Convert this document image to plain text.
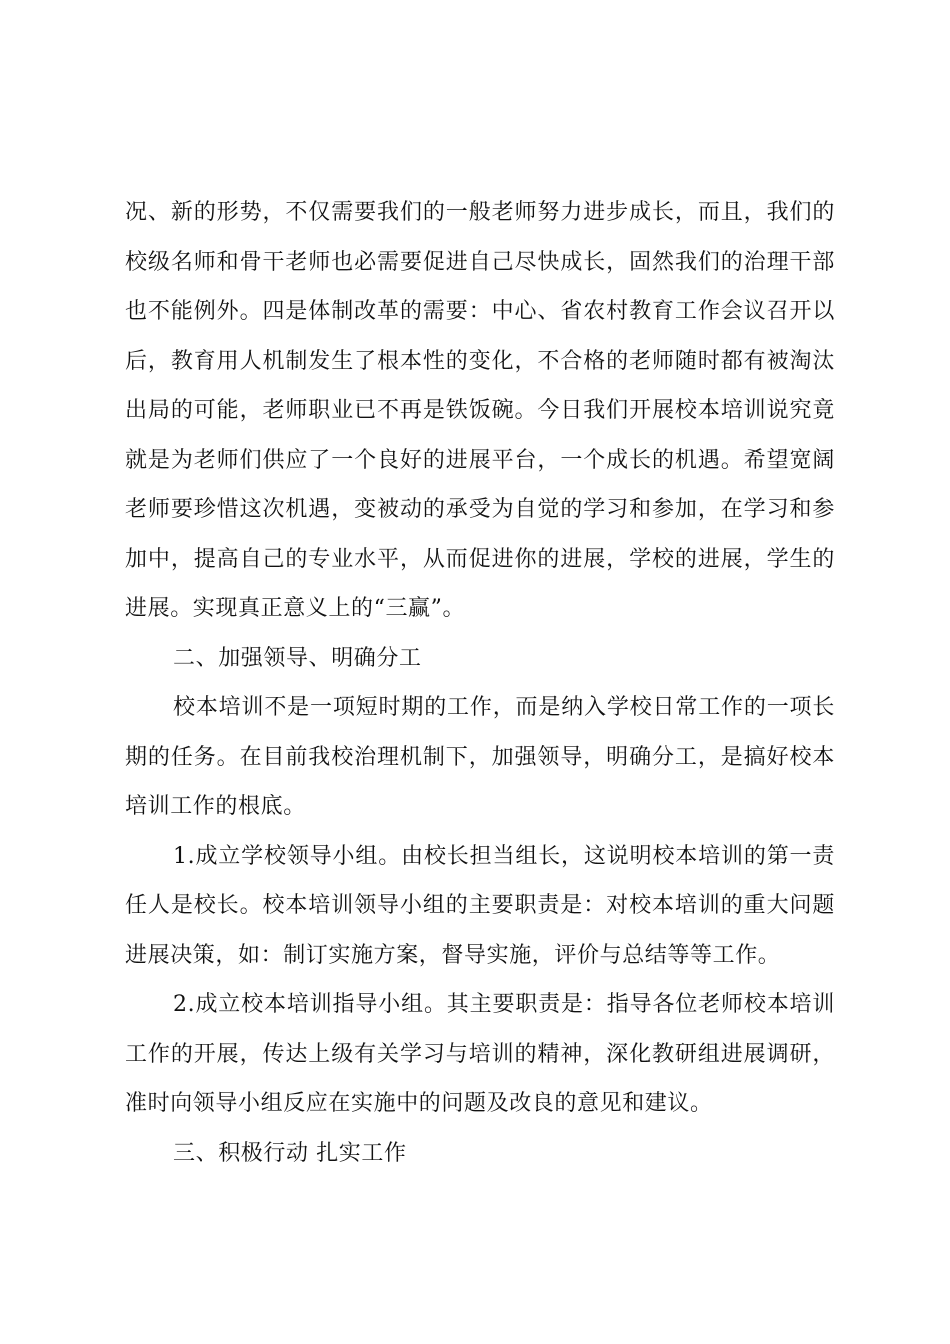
况、新的形势，不仅需要我们的一般老师努力进步成长，而且，我们的校级名师和骨干老师也必需要促进自己尽快成长，固然我们的治理干部也不能例外。四是体制改革的需要：中心、省农村教育工作会议召开以后，教育用人机制发生了根本性的变化，不合格的老师随时都有被淘汰出局的可能，老师职业已不再是铁饭碗。今日我们开展校本培训说究竟就是为老师们供应了一个良好的进展平台，一个成长的机遇。希望宽阔老师要珍惜这次机遇，变被动的承受为自觉的学习和参加，在学习和参加中，提高自己的专业水平，从而促进你的进展，学校的进展，学生的进展。实现真正意义上的“三赢”。

二、加强领导、明确分工

校本培训不是一项短时期的工作，而是纳入学校日常工作的一项长期的任务。在目前我校治理机制下，加强领导，明确分工，是搞好校本培训工作的根底。

1.成立学校领导小组。由校长担当组长，这说明校本培训的第一责任人是校长。校本培训领导小组的主要职责是：对校本培训的重大问题进展决策，如：制订实施方案，督导实施，评价与总结等等工作。

2.成立校本培训指导小组。其主要职责是：指导各位老师校本培训工作的开展，传达上级有关学习与培训的精神，深化教研组进展调研，准时向领导小组反应在实施中的问题及改良的意见和建议。

三、积极行动 扎实工作
